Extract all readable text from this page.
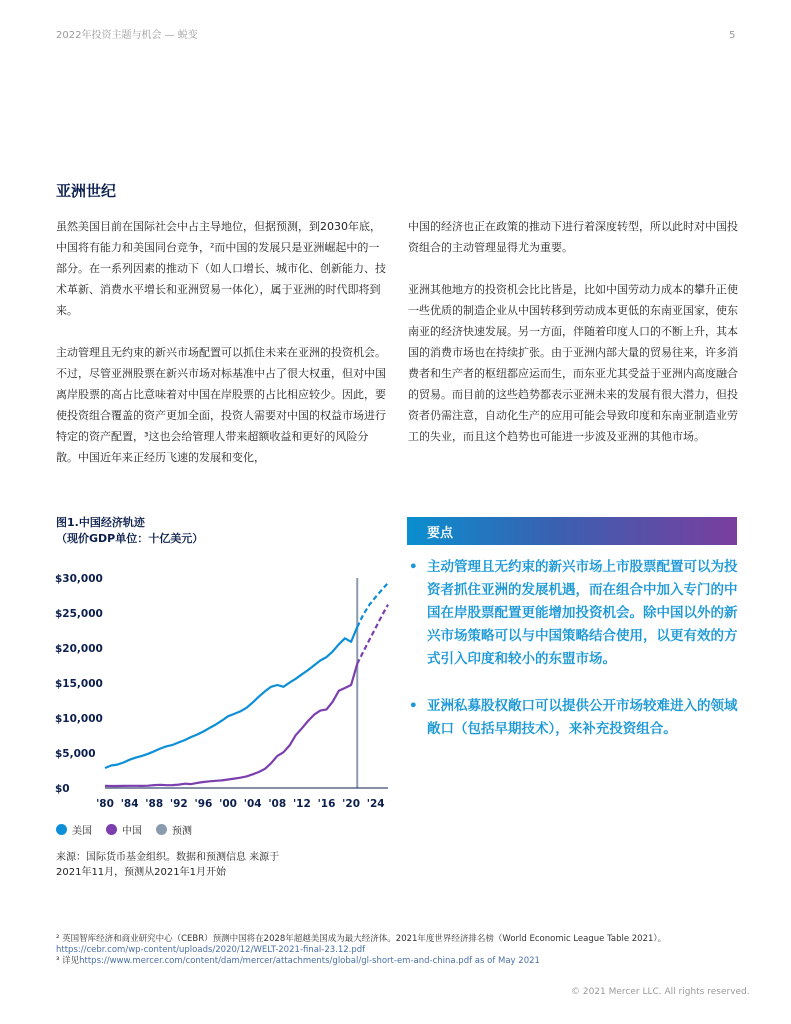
2022年投资主题与机会 — 蜕变	5
亚洲世纪

虽然美国目前在国际社会中占主导地位，但据预测，到2030年底，中国将有能力和美国同台竞争，²而中国的发展只是亚洲崛起中的一部分。在一系列因素的推动下（如人口增长、城市化、创新能力、技术革新、消费水平增长和亚洲贸易一体化），属于亚洲的时代即将到来。

主动管理且无约束的新兴市场配置可以抓住未来在亚洲的投资机会。不过，尽管亚洲股票在新兴市场对标基准中占了很大权重，但对中国离岸股票的高占比意味着对中国在岸股票的占比相应较少。因此，要使投资组合覆盖的资产更加全面，投资人需要对中国的权益市场进行特定的资产配置，³这也会给管理人带来超额收益和更好的风险分散。中国近年来正经历飞速的发展和变化，

中国的经济也正在政策的推动下进行着深度转型，所以此时对中国投资组合的主动管理显得尤为重要。

亚洲其他地方的投资机会比比皆是，比如中国劳动力成本的攀升正使一些优质的制造企业从中国转移到劳动成本更低的东南亚国家，使东南亚的经济快速发展。另一方面，伴随着印度人口的不断上升，其本国的消费市场也在持续扩张。由于亚洲内部大量的贸易往来，许多消费者和生产者的枢纽都应运而生，而东亚尤其受益于亚洲内高度融合的贸易。而目前的这些趋势都表示亚洲未来的发展有很大潜力，但投资者仍需注意，自动化生产的应用可能会导致印度和东南亚制造业劳工的失业，而且这个趋势也可能进一步波及亚洲的其他市场。

图1.中国经济轨迹
（现价GDP单位：十亿美元）
$0
$5,000
$10,000
$15,000
$20,000
$25,000
$30,000
'80 '84 '88 '92 '96 '00 '04 '08 '12 '16 '20 '24
美国	中国	预测
来源：国际货币基金组织。数据和预测信息 来源于
2021年11月，预测从2021年1月开始
要点
• 主动管理且无约束的新兴市场上市股票配置可以为投资者抓住亚洲的发展机遇，而在组合中加入专门的中国在岸股票配置更能增加投资机会。除中国以外的新兴市场策略可以与中国策略结合使用，以更有效的方式引入印度和较小的东盟市场。
• 亚洲私募股权敞口可以提供公开市场较难进入的领域敞口（包括早期技术），来补充投资组合。
² 英国智库经济和商业研究中心（CEBR）预测中国将在2028年超越美国成为最大经济体。2021年度世界经济排名榜（World Economic League Table 2021）。
https://cebr.com/wp-content/uploads/2020/12/WELT-2021-final-23.12.pdf
³ 详见https://www.mercer.com/content/dam/mercer/attachments/global/gl-short-em-and-china.pdf as of May 2021
© 2021 Mercer LLC. All rights reserved.
